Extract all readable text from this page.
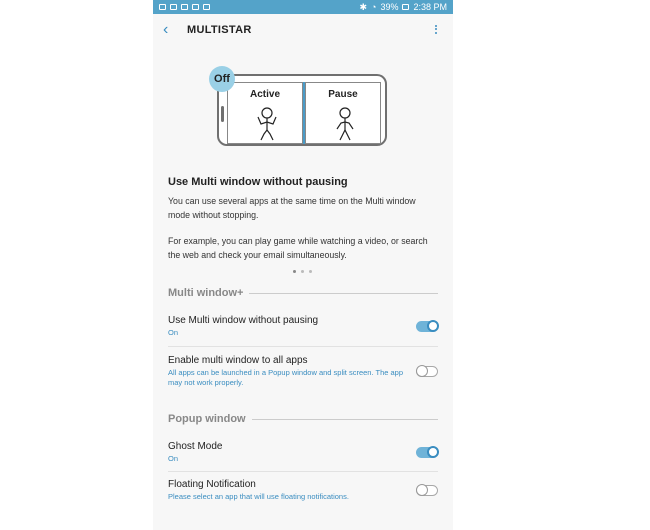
✱ ◔ 39% 2:38 PM
‹	MULTISTAR
Active	Pause
Off
Use Multi window without pausing
You can use several apps at the same time on the Multi window mode without stopping.
For example, you can play game while watching a video, or search the web and check your email simultaneously.
Multi window+
Use Multi window without pausing
On
Enable multi window to all apps
All apps can be launched in a Popup window and split screen. The app may not work properly.
Popup window
Ghost Mode
On
Floating Notification
Please select an app that will use floating notifications.
